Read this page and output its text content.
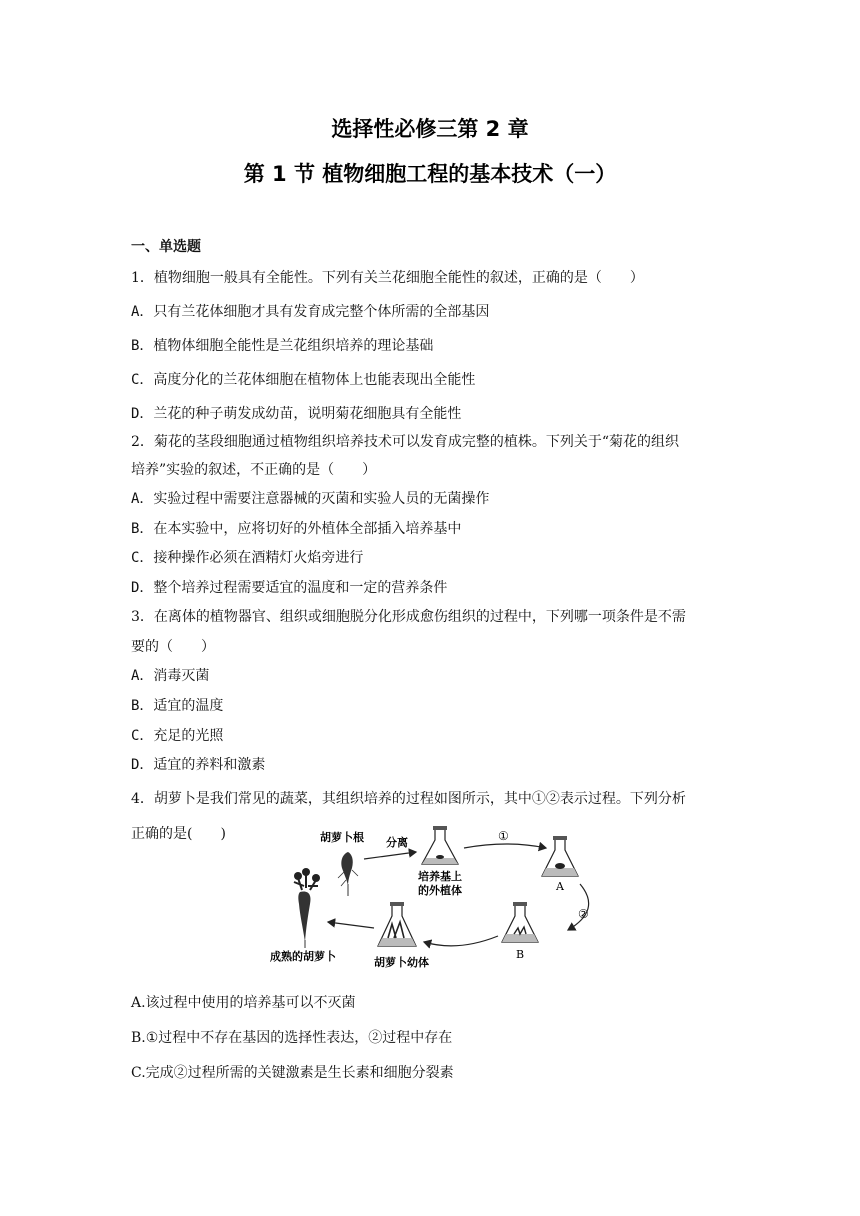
选择性必修三第 2 章
第 1 节 植物细胞工程的基本技术（一）
一、单选题
1．植物细胞一般具有全能性。下列有关兰花细胞全能性的叙述，正确的是（　　）
A．只有兰花体细胞才具有发育成完整个体所需的全部基因
B．植物体细胞全能性是兰花组织培养的理论基础
C．高度分化的兰花体细胞在植物体上也能表现出全能性
D．兰花的种子萌发成幼苗，说明菊花细胞具有全能性
2．菊花的茎段细胞通过植物组织培养技术可以发育成完整的植株。下列关于“菊花的组织
培养”实验的叙述，不正确的是（　　）
A．实验过程中需要注意器械的灭菌和实验人员的无菌操作
B．在本实验中，应将切好的外植体全部插入培养基中
C．接种操作必须在酒精灯火焰旁进行
D．整个培养过程需要适宜的温度和一定的营养条件
3．在离体的植物器官、组织或细胞脱分化形成愈伤组织的过程中，下列哪一项条件是不需
要的（　　）
A．消毒灭菌
B．适宜的温度
C．充足的光照
D．适宜的养料和激素
4．胡萝卜是我们常见的蔬菜，其组织培养的过程如图所示，其中①②表示过程。下列分析
正确的是(　　)	胡萝卜根 分离
培养基上
的外植体
①
A
②
B
胡萝卜幼体
成熟的胡萝卜
A.该过程中使用的培养基可以不灭菌
B.①过程中不存在基因的选择性表达，②过程中存在
C.完成②过程所需的关键激素是生长素和细胞分裂素
